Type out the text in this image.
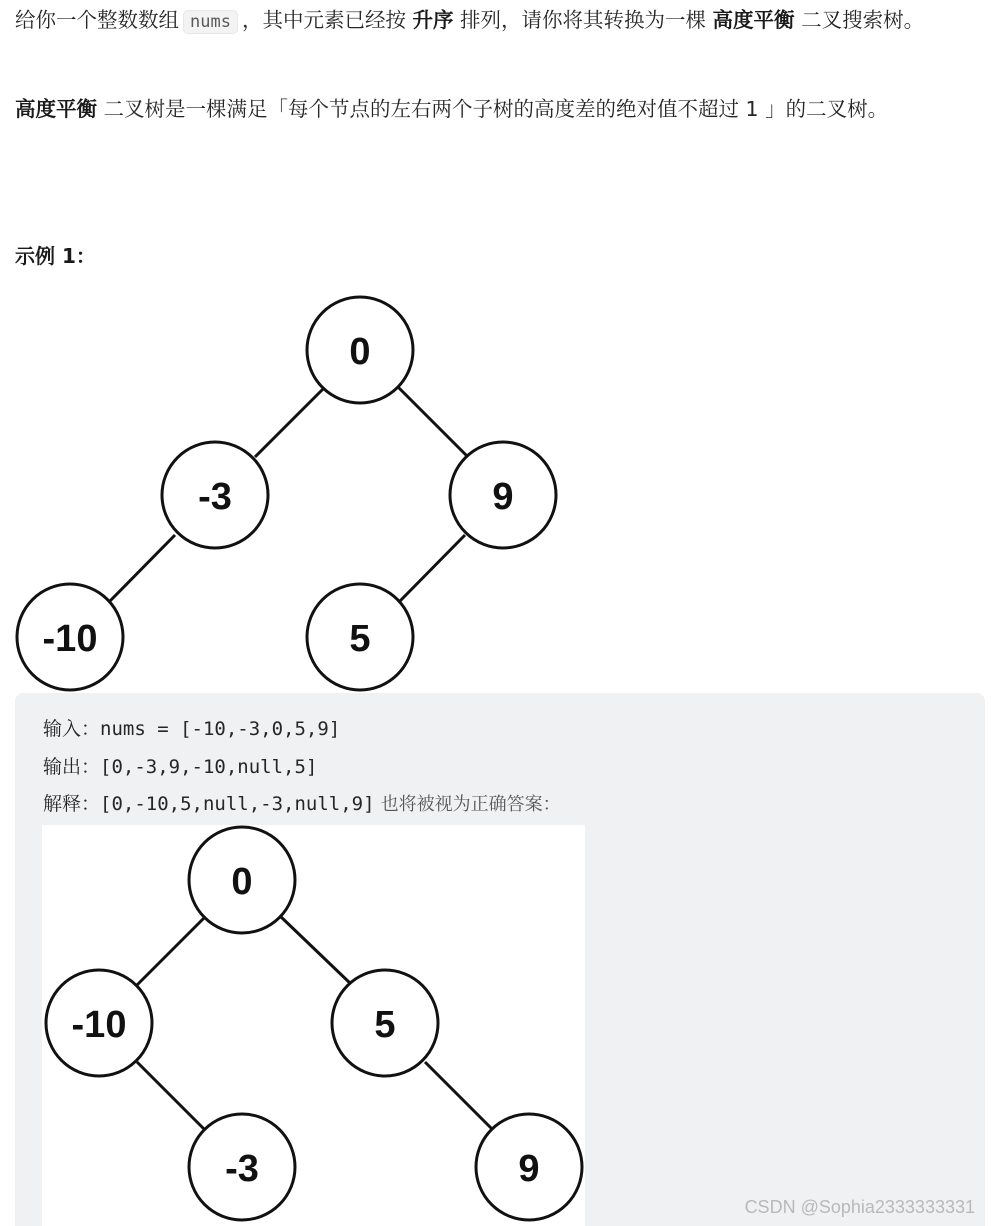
给你一个整数数组 nums ，其中元素已经按 升序 排列，请你将其转换为一棵 高度平衡 二叉搜索树。

高度平衡 二叉树是一棵满足「每个节点的左右两个子树的高度差的绝对值不超过 1 」的二叉树。

示例 1：
0
-3	9
-10	5
输入：nums = [-10,-3,0,5,9]
输出：[0,-3,9,-10,null,5]
解释：[0,-10,5,null,-3,null,9] 也将被视为正确答案：
0
-10	5
-3	9
CSDN @Sophia2333333331
